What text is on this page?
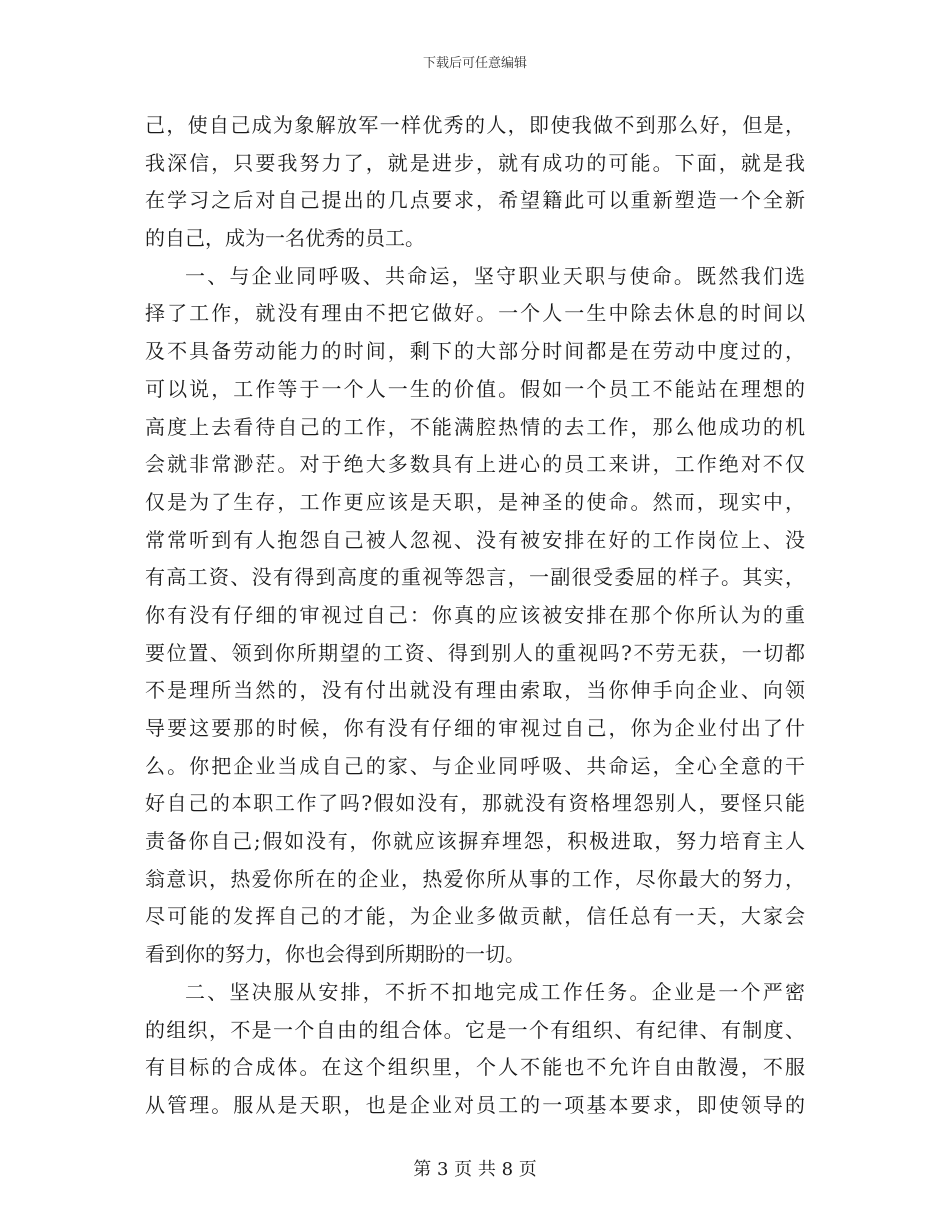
下载后可任意编辑
己，使自己成为象解放军一样优秀的人，即使我做不到那么好，但是，
我深信，只要我努力了，就是进步，就有成功的可能。下面，就是我
在学习之后对自己提出的几点要求，希望籍此可以重新塑造一个全新
的自己，成为一名优秀的员工。
一、与企业同呼吸、共命运，坚守职业天职与使命。既然我们选
择了工作，就没有理由不把它做好。一个人一生中除去休息的时间以
及不具备劳动能力的时间，剩下的大部分时间都是在劳动中度过的，
可以说，工作等于一个人一生的价值。假如一个员工不能站在理想的
高度上去看待自己的工作，不能满腔热情的去工作，那么他成功的机
会就非常渺茫。对于绝大多数具有上进心的员工来讲，工作绝对不仅
仅是为了生存，工作更应该是天职，是神圣的使命。然而，现实中，
常常听到有人抱怨自己被人忽视、没有被安排在好的工作岗位上、没
有高工资、没有得到高度的重视等怨言，一副很受委屈的样子。其实，
你有没有仔细的审视过自己：你真的应该被安排在那个你所认为的重
要位置、领到你所期望的工资、得到别人的重视吗?不劳无获，一切都
不是理所当然的，没有付出就没有理由索取，当你伸手向企业、向领
导要这要那的时候，你有没有仔细的审视过自己，你为企业付出了什
么。你把企业当成自己的家、与企业同呼吸、共命运，全心全意的干
好自己的本职工作了吗?假如没有，那就没有资格埋怨别人，要怪只能
责备你自己;假如没有，你就应该摒弃埋怨，积极进取，努力培育主人
翁意识，热爱你所在的企业，热爱你所从事的工作，尽你最大的努力，
尽可能的发挥自己的才能，为企业多做贡献，信任总有一天，大家会
看到你的努力，你也会得到所期盼的一切。
二、坚决服从安排，不折不扣地完成工作任务。企业是一个严密
的组织，不是一个自由的组合体。它是一个有组织、有纪律、有制度、
有目标的合成体。在这个组织里，个人不能也不允许自由散漫，不服
从管理。服从是天职，也是企业对员工的一项基本要求，即使领导的
第 3 页 共 8 页
